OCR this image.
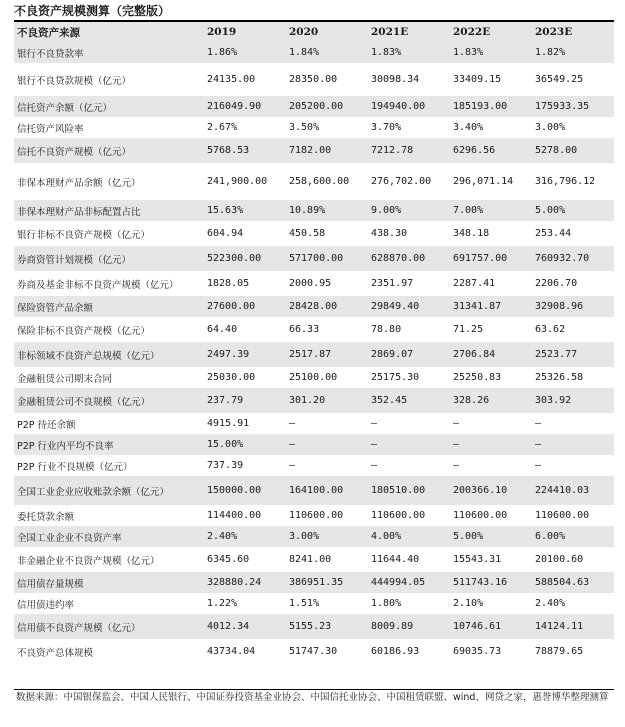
不良资产规模测算（完整版）
不良资产来源	2019	2020	2021E	2022E	2023E
银行不良贷款率	1.86%	1.84%	1.83%	1.83%	1.82%
银行不良贷款规模（亿元）	24135.00	28350.00	30098.34	33409.15	36549.25
信托资产余额（亿元）	216049.90	205200.00	194940.00	185193.00	175933.35
信托资产风险率	2.67%	3.50%	3.70%	3.40%	3.00%
信托不良资产规模（亿元）	5768.53	7182.00	7212.78	6296.56	5278.00
非保本理财产品余额（亿元）	241,900.00	258,600.00	276,702.00	296,071.14	316,796.12
非保本理财产品非标配置占比	15.63%	10.89%	9.00%	7.00%	5.00%
银行非标不良资产规模（亿元）	604.94	450.58	438.30	348.18	253.44
券商资管计划规模（亿元）	522300.00	571700.00	628870.00	691757.00	760932.70
券商及基金非标不良资产规模（亿元）	1828.05	2000.95	2351.97	2287.41	2206.70
保险资管产品余额	27600.00	28428.00	29849.40	31341.87	32908.96
保险非标不良资产规模（亿元）	64.40	66.33	78.80	71.25	63.62
非标领域不良资产总规模（亿元）	2497.39	2517.87	2869.07	2706.84	2523.77
金融租赁公司期末合同	25030.00	25100.00	25175.30	25250.83	25326.58
金融租赁公司不良规模（亿元）	237.79	301.20	352.45	328.26	303.92
P2P 待还余额	4915.91	–	–	–	–
P2P 行业内平均不良率	15.00%	–	–	–	–
P2P 行业不良规模（亿元）	737.39	–	–	–	–
全国工业企业应收账款余额（亿元）	150000.00	164100.00	180510.00	200366.10	224410.03
委托贷款余额	114400.00	110600.00	110600.00	110600.00	110600.00
全国工业企业不良资产率	2.40%	3.00%	4.00%	5.00%	6.00%
非金融企业不良资产规模（亿元）	6345.60	8241.00	11644.40	15543.31	20100.60
信用债存量规模	328880.24	386951.35	444994.05	511743.16	588504.63
信用债违约率	1.22%	1.51%	1.80%	2.10%	2.40%
信用债不良资产规模（亿元）	4012.34	5155.23	8009.89	10746.61	14124.11
不良资产总体规模	43734.04	51747.30	60186.93	69035.73	78879.65
数据来源：中国银保监会、中国人民银行、中国证券投资基金业协会、中国信托业协会、中国租赁联盟、wind、网贷之家，惠誉博华整理测算
